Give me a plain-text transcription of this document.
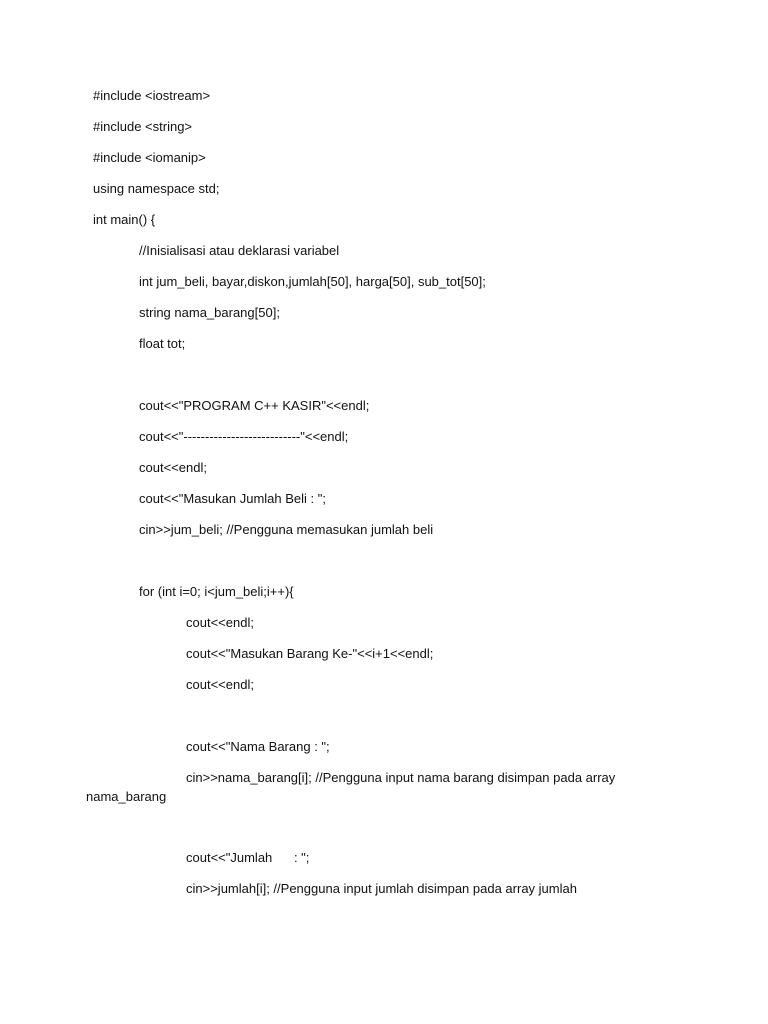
#include <iostream>
#include <string>
#include <iomanip>
using namespace std;
int main() {
//Inisialisasi atau deklarasi variabel
int jum_beli, bayar,diskon,jumlah[50], harga[50], sub_tot[50];
string nama_barang[50];
float tot;
cout<<"PROGRAM C++ KASIR"<<endl;
cout<<"---------------------------"<<endl;
cout<<endl;
cout<<"Masukan Jumlah Beli : ";
cin>>jum_beli; //Pengguna memasukan jumlah beli
for (int i=0; i<jum_beli;i++){
cout<<endl;
cout<<"Masukan Barang Ke-"<<i+1<<endl;
cout<<endl;
cout<<"Nama Barang : ";
cin>>nama_barang[i]; //Pengguna input nama barang disimpan pada array
nama_barang
cout<<"Jumlah      : ";
cin>>jumlah[i]; //Pengguna input jumlah disimpan pada array jumlah
